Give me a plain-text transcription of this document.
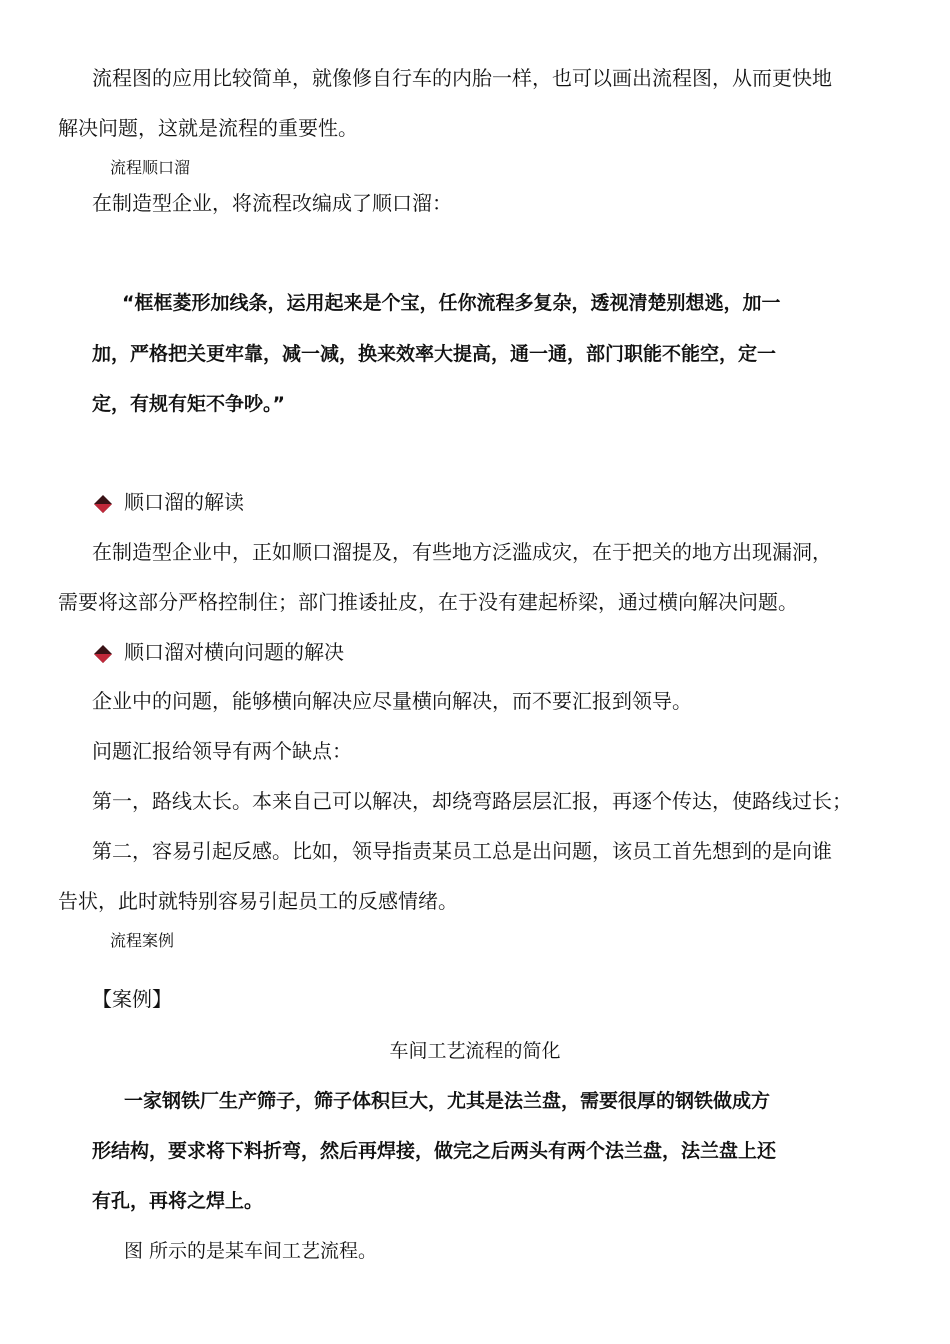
流程图的应用比较简单，就像修自行车的内胎一样，也可以画出流程图，从而更快地
解决问题，这就是流程的重要性。
流程顺口溜
在制造型企业，将流程改编成了顺口溜：
“框框菱形加线条，运用起来是个宝，任你流程多复杂，透视清楚别想逃，加一
加，严格把关更牢靠，减一减，换来效率大提高，通一通，部门职能不能空，定一
定，有规有矩不争吵。”
顺口溜的解读
在制造型企业中，正如顺口溜提及，有些地方泛滥成灾，在于把关的地方出现漏洞，
需要将这部分严格控制住；部门推诿扯皮，在于没有建起桥梁，通过横向解决问题。
顺口溜对横向问题的解决
企业中的问题，能够横向解决应尽量横向解决，而不要汇报到领导。
问题汇报给领导有两个缺点：
第一，路线太长。本来自己可以解决，却绕弯路层层汇报，再逐个传达，使路线过长；
第二，容易引起反感。比如，领导指责某员工总是出问题，该员工首先想到的是向谁
告状，此时就特别容易引起员工的反感情绪。
流程案例
【案例】
车间工艺流程的简化
一家钢铁厂生产筛子，筛子体积巨大，尤其是法兰盘，需要很厚的钢铁做成方
形结构，要求将下料折弯，然后再焊接，做完之后两头有两个法兰盘，法兰盘上还
有孔，再将之焊上。
图 所示的是某车间工艺流程。
